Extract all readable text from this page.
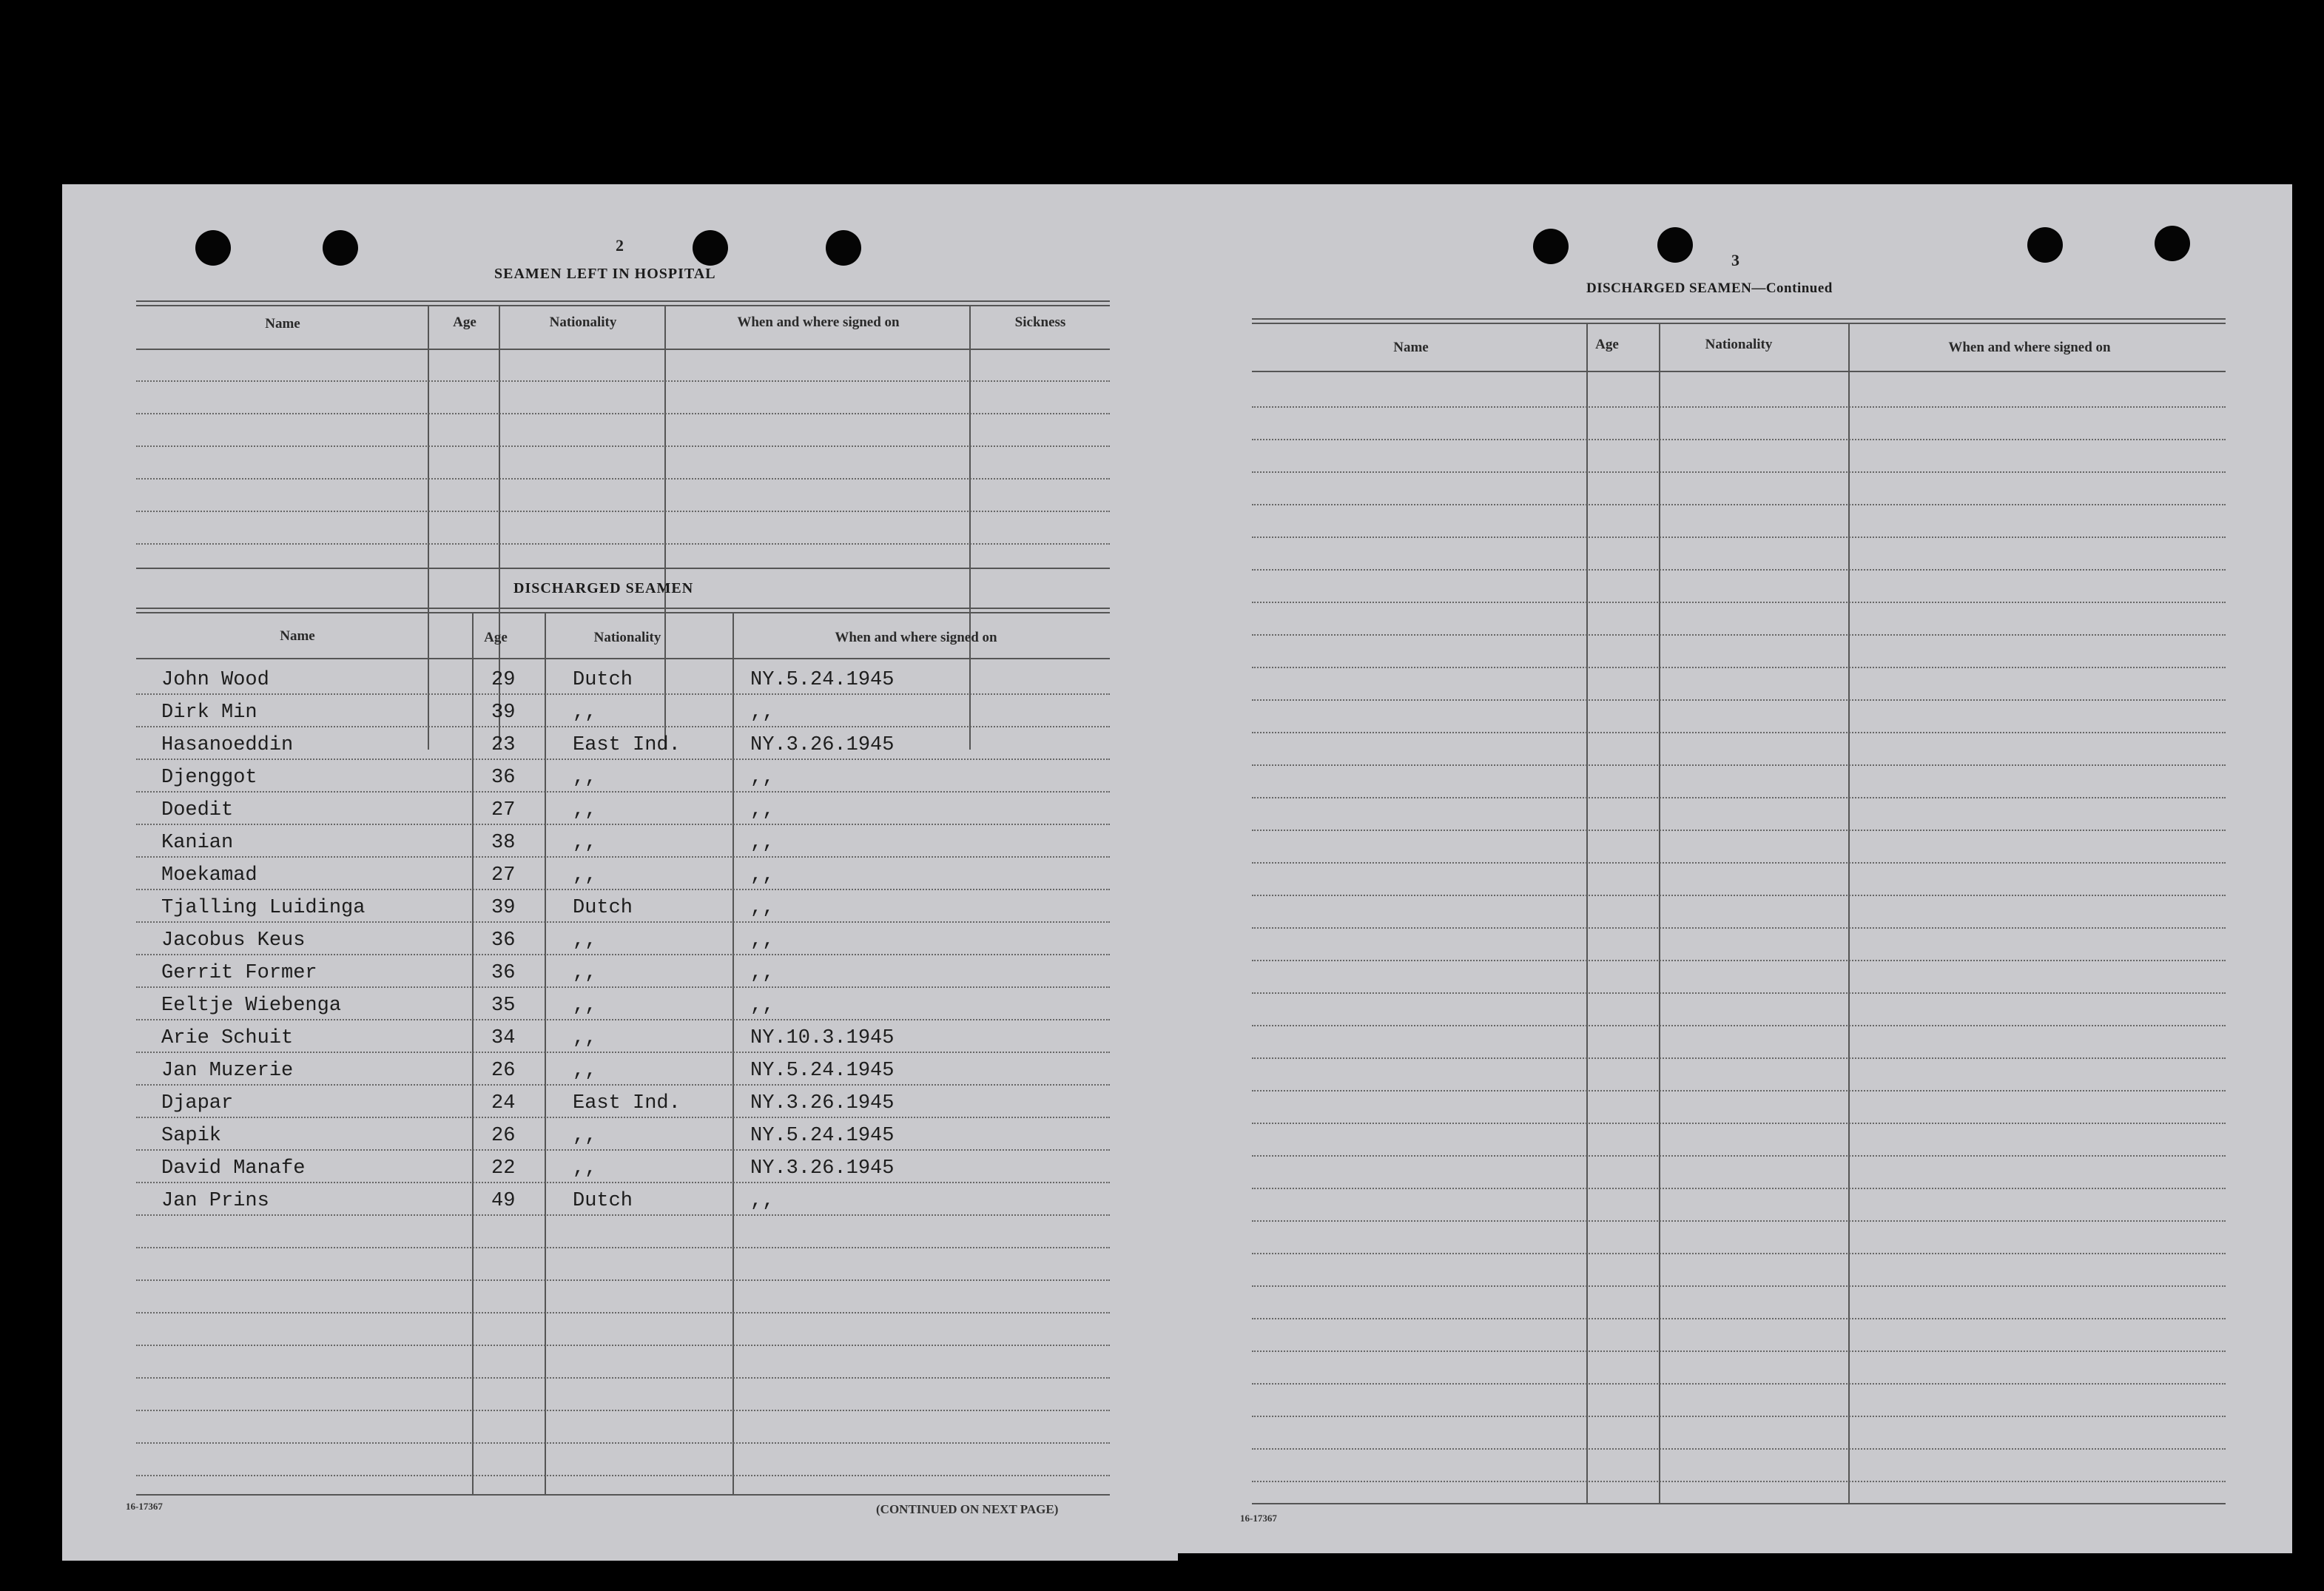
2
SEAMEN LEFT IN HOSPITAL
Name	Age	Nationality	When and where signed on	Sickness
DISCHARGED SEAMEN
Name	Age	Nationality	When and where signed on
John Wood	29	Dutch	NY.5.24.1945
Dirk Min	39	,,	,,
Hasanoeddin	23	East Ind.	NY.3.26.1945
Djenggot	36	,,	,,
Doedit	27	,,	,,
Kanian	38	,,	,,
Moekamad	27	,,	,,
Tjalling Luidinga	39	Dutch	,,
Jacobus Keus	36	,,	,,
Gerrit Former	36	,,	,,
Eeltje Wiebenga	35	,,	,,
Arie Schuit	34	,,	NY.10.3.1945
Jan Muzerie	26	,,	NY.5.24.1945
Djapar	24	East Ind.	NY.3.26.1945
Sapik	26	,,	NY.5.24.1945
David Manafe	22	,,	NY.3.26.1945
Jan Prins	49	Dutch	,,
16-17367	(CONTINUED ON NEXT PAGE)
3
DISCHARGED SEAMEN—Continued
Name	Age	Nationality	When and where signed on
16-17367
